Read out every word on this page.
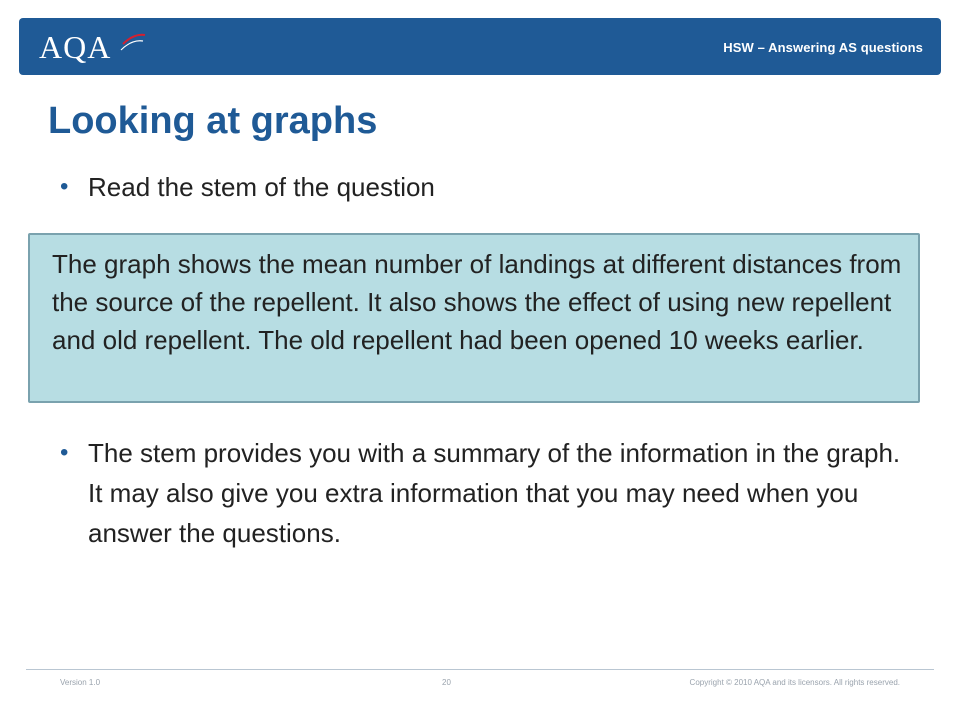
AQA	HSW – Answering AS questions
Looking at graphs
• Read the stem of the question

The graph shows the mean number of landings at different distances from the source of the repellent. It also shows the effect of using new repellent and old repellent. The old repellent had been opened 10 weeks earlier.

• The stem provides you with a summary of the information in the graph. It may also give you extra information that you may need when you answer the questions.
Version 1.0	20	Copyright © 2010 AQA and its licensors. All rights reserved.
